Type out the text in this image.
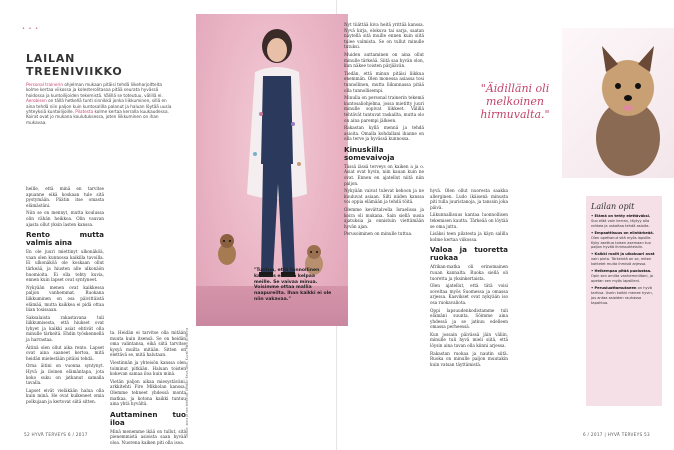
• • •
LAILAN TREENIVIIKKO

Personal trainerin ohjelman mukaan pitäisi tehdä liikeharjoitteita kolme kertaa viikossa ja kolesterolitasoa pitää seurata hyvässä hoidossa ja kuntoilijoiden tekemistä. Välillä se toteutuu, välillä ei. Aerobisen on tällä hetkellä tunti sinnikkä jonka liikkuminen, sillä en aina tehdä niin paljon kuin kuntosalilla palanut ja haluan löytää uusia yhteyksiä kuntoilijoille. Pilatesta kolme kertaa kerralla kuukaudessa. Koirat ovat jo mukana koulutuksessa, joten liikkuminen on ihan mukavaa.

heille, että minä en tarvitse apuanne eikä koskaan tule sitä pystymään. Päätin itse omasta elämästäni.

Niin se on mennyt, mutta koulussa olin vähän heikkoa. Olin vauvan ajasta ollut yksin lasten kanssa.

Rento mutta valmis aina

En ole juuri miettinyt ulkonäköä, vaan olen kunnossa kaikilla tavoilla. Ei ulkonäköä ole koskaan ollut tärkeää, ja hiusten alle ulkonäön huomioita. Ei olla tehty kuvia, ennen kuin lapset ovat syntyneet.

Nykyään menen ovat kaikkessa paljon vanhemmat. Ruokana liikkuminen on osa päivittäistä elämää, mutta kaikkea ei pidä ottaa liian tosissaan.

Saksalaista rakastavana tuli liikkumisesta, että hiukset ovat lyhyet ja kaikki asiat ehtivät olla minulle tärkeitä. Ehdin työskennellä ja harrastaa.

Äitinä olen ollut aika rento. Lapset ovat aina saaneet kertoa, mitä heidän mielestään pitäisi tehdä.

Orna äitini on vuonna syntynyt. Hyvä ja iloinen elämäntapa, jota koko suku on jatkanut samalla tavalla.

Lapset eivät vieläkään halua olla kuin minä. He ovat kulkeneet omia polkujaan ja kertovat siitä sitten.

ta. Heidän ei tarvitse olla mitään muuta kuin itsensä. Se on heidän oma valintansa, eikä siitä tarvitse kysyä muilta mitään. Sitten on elettävä se, mitä halutaan.

Viestinnän ja yhteisön kanssa olen toiminut pitkään. Haluan toisten kokevan samaa iloa kuin minä.

Vietän paljon aikaa miesystäväni, arkkitehti Fire Mikkolan kanssa. Olemme tehneet yhdessä monta matkaa, ja kotona kaikki tuntuu aina yhtä hyvältä.

Auttaminen tuo iloa

Minä menemme ikää on tullut, sitä pienemmistä asioista saan hyvää oloa. Nuorena kaiken piti olla isoa.

"Tuntuu, että tunnollinen kauneus ei enää kelpaa meille. Se vaivaa minua. Voisimme ottaa mallia naapureilta. Ihan kaikki ei ole niin vakavaa."
Sisalla: anna ja sen tehtävät. Meikki: Eeva-Liisa, Kuvat: Mira ja Minna
52 HYVÄ TERVEYS 6 / 2017

Nyt tiiättää kiva heitä yrittää kanssa. Nyvä kirja, elokuva tai sarja, saatan näytellä sitä muille ennen kuin siitä tulee valmista. Se on tullut minulle tutuksi.

Muiden auttaminen on aina ollut minulle tärkeää. Siitä saa hyvän olon, kun näkee toisten pärjäävän.

Tiedän, että minun pitäisi liikkua enemmän. Olen monessa asiassa tosi tunnollinen, mutta liikunnassa pitää olla tunnollisempi.

Minulla on personal trainerin tekemä kuntosaliohjelma, jossa mietitty juuri minulle sopivat liikkeet. Välillä tehtävät tuntuvat raskailta, mutta olo on aina parempi jälkeen.

Rakastan kyllä mennä ja tehdä asioita. Omalla kohdallani ihanne on olla terve ja hyvässä kunnossa.

Kinuskilla somevaivoja

Tässä iässä terveys on kaiken a ja o. Asiat ovat hyvin, niin kauan kuin ne ovat. Ennen en ajatellut niitä niin paljon.

Nykyään vaivat tulevat kehoon ja ne kuuluvat asiaan. Silti niiden kanssa voi oppia elämään ja tehdä töitä.

Olemme kevättalvella Israelissa ja koira oli mukana. Sain siellä uusia ajatuksia ja onnistuin viettämään hyvän ajan.

Perusoiminen on minulle tuttua.

hyvä. Olen ollut nuoresta saakka allerginen. Ludo ikäisenä minusta piti tulla juuristanoja, ja tanssin joka päivä.

Liikunnallisuus kantaa luonnollisen tekemisen kautta. Tärkeää on löytää se oma juttu.

Lisäksi teen pilatesta ja käyn salilla kolme kertaa viikossa.

Valoa ja tuoretta ruokaa

Afrikan-matka oli erinomainen ruuan kannalta. Ruoka siellä oli tuoretta ja yksinkertaista.

Olen ajatellut, että tätä voisi soveltaa myös Suomessa ja omassa arjessa. Kasvikset ovat nykyään iso osa ruokavaliota.

Oppi lapsuudenkodistamme tuli elämäni suunta. Söimme aina yhdessä ja se jatkuu edelleen omassa perheessä.

Kun jossain päivässä jäin väliin, minulle tuli hyvä mieli siitä, että löysin aina tavan olla kiinni arjessa.

Rakastan ruokaa ja nautin siitä. Ruoka on minulle paljon muutakin kuin vatsan täyttämistä.

"Äidilläni oli melkoinen hirmuvalta."
Lailan opit

• Elämä on tehty elettäväksi. Suo elää vain kerran, täytyy olla rohkea ja uskaltaa tehdä asioita.

• Empaattisuus on elintärkeää. Olen opettanut sitä myös lapsille. Kyky asettua toisen asemaan tuo paljon hyvää ihmissuhteisiin.

• Kaikki roolit ja ulkokuori ovat vain pinta. Tärkeintä on se, miten kohtelet muita ihmisiä arjessa.

• Helkempaa pitää puolustaa. Opin sen omilta vanhemmiltani, ja opetan sen myös lapsilleni.

• Perusluottamukseen on hyvä tarttua. Usein kaikki menee hyvin, jos antaa asioiden rauhassa tapahtua.

6 / 2017 | HYVÄ TERVEYS 53
